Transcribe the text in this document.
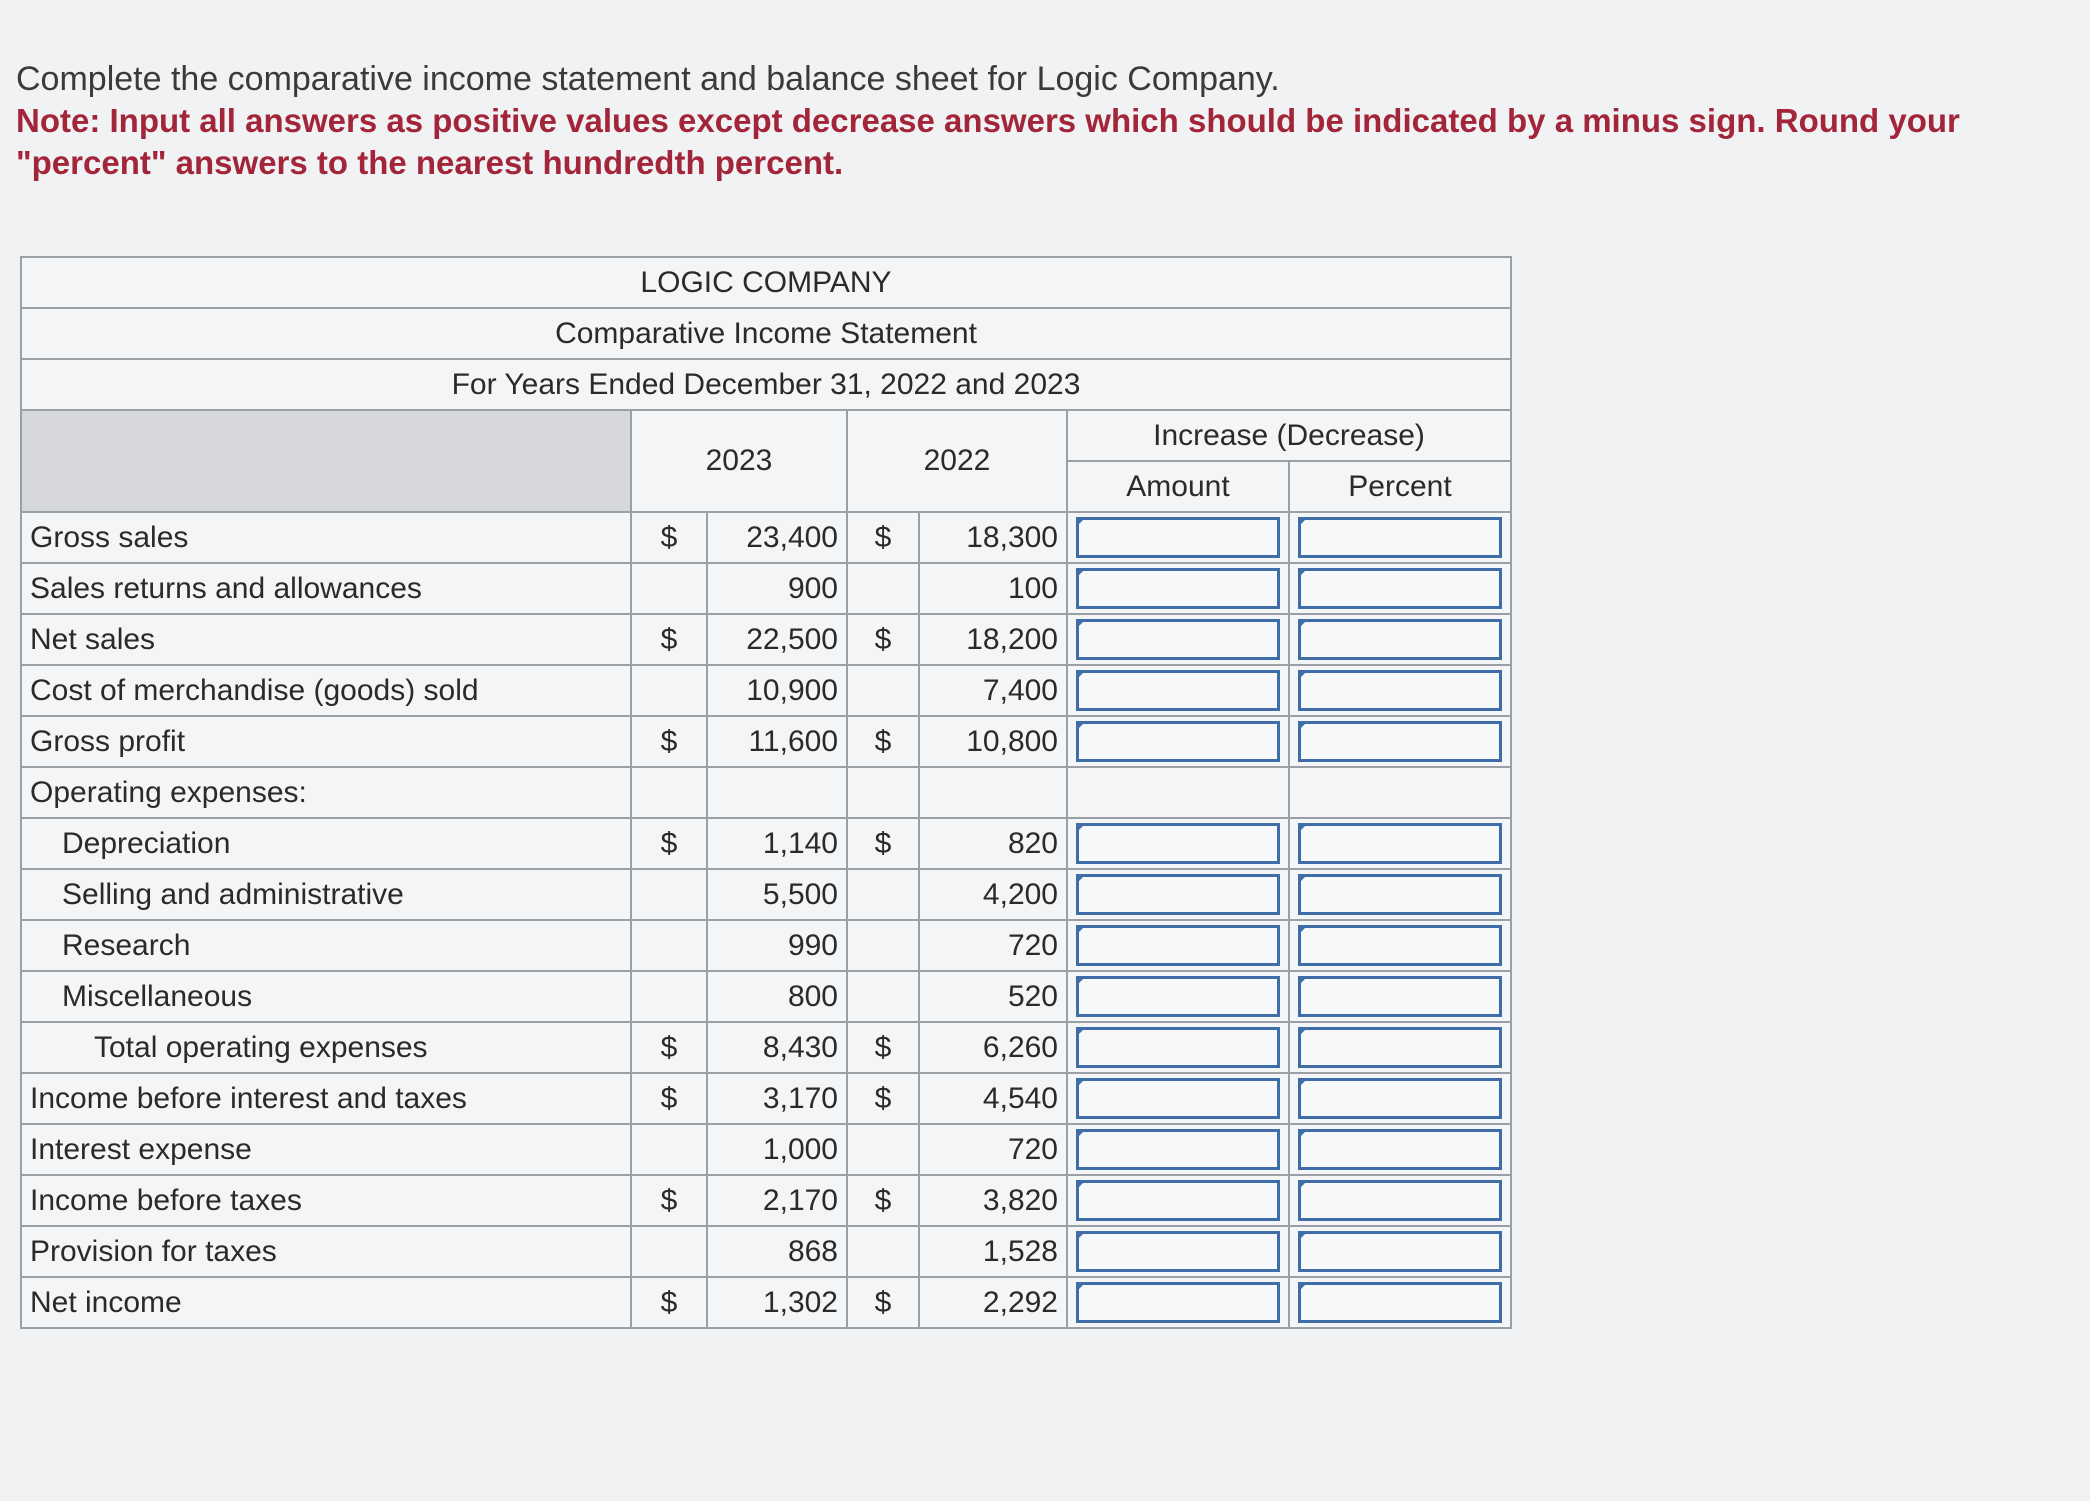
Complete the comparative income statement and balance sheet for Logic Company.
Note: Input all answers as positive values except decrease answers which should be indicated by a minus sign. Round your
"percent" answers to the nearest hundredth percent.
LOGIC COMPANY						
Comparative Income Statement						
For Years Ended December 31, 2022 and 2023						
	2023		2022		Increase (Decrease)	
					Amount	Percent
Gross sales	$	23,400	$	18,300	

Sales returns and allowances		900		100	

Net sales	$	22,500	$	18,200	

Cost of merchandise (goods) sold		10,900		7,400	

Gross profit	$	11,600	$	10,800	

Operating expenses:						
Depreciation	$	1,140	$	820	

Selling and administrative		5,500		4,200	

Research		990		720	

Miscellaneous		800		520	

Total operating expenses	$	8,430	$	6,260	

Income before interest and taxes	$	3,170	$	4,540	

Interest expense		1,000		720	

Income before taxes	$	2,170	$	3,820	

Provision for taxes		868		1,528	

Net income	$	1,302	$	2,292	
